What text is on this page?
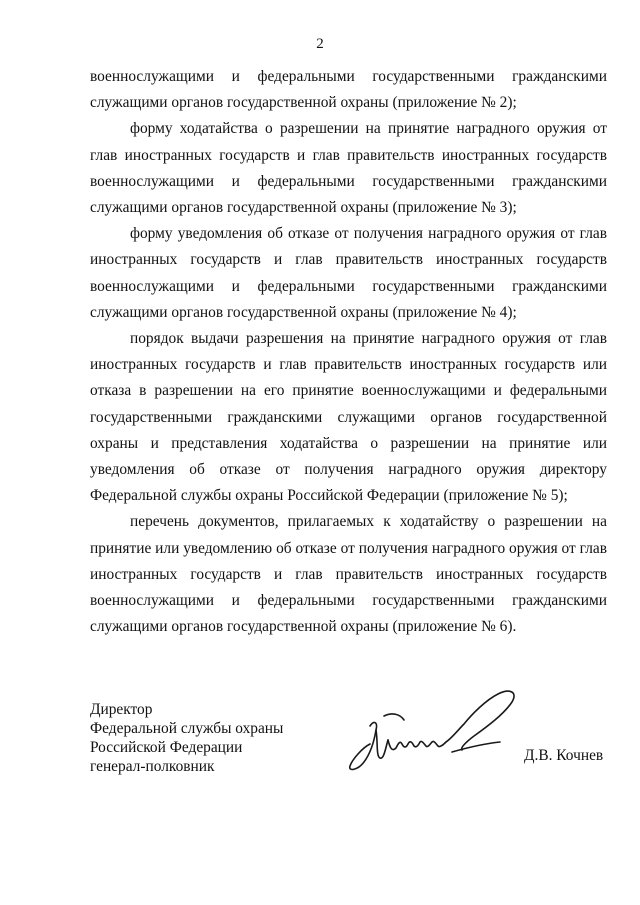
2

военнослужащими и федеральными государственными гражданскими служащими органов государственной охраны (приложение № 2);

форму ходатайства о разрешении на принятие наградного оружия от глав иностранных государств и глав правительств иностранных государств военнослужащими и федеральными государственными гражданскими служащими органов государственной охраны (приложение № 3);

форму уведомления об отказе от получения наградного оружия от глав иностранных государств и глав правительств иностранных государств военнослужащими и федеральными государственными гражданскими служащими органов государственной охраны (приложение № 4);

порядок выдачи разрешения на принятие наградного оружия от глав иностранных государств и глав правительств иностранных государств или отказа в разрешении на его принятие военнослужащими и федеральными государственными гражданскими служащими органов государственной охраны и представления ходатайства о разрешении на принятие или уведомления об отказе от получения наградного оружия директору Федеральной службы охраны Российской Федерации (приложение № 5);

перечень документов, прилагаемых к ходатайству о разрешении на принятие или уведомлению об отказе от получения наградного оружия от глав иностранных государств и глав правительств иностранных государств военнослужащими и федеральными государственными гражданскими служащими органов государственной охраны (приложение № 6).

Директор
Федеральной службы охраны
Российской Федерации
генерал-полковник
Д.В. Кочнев
